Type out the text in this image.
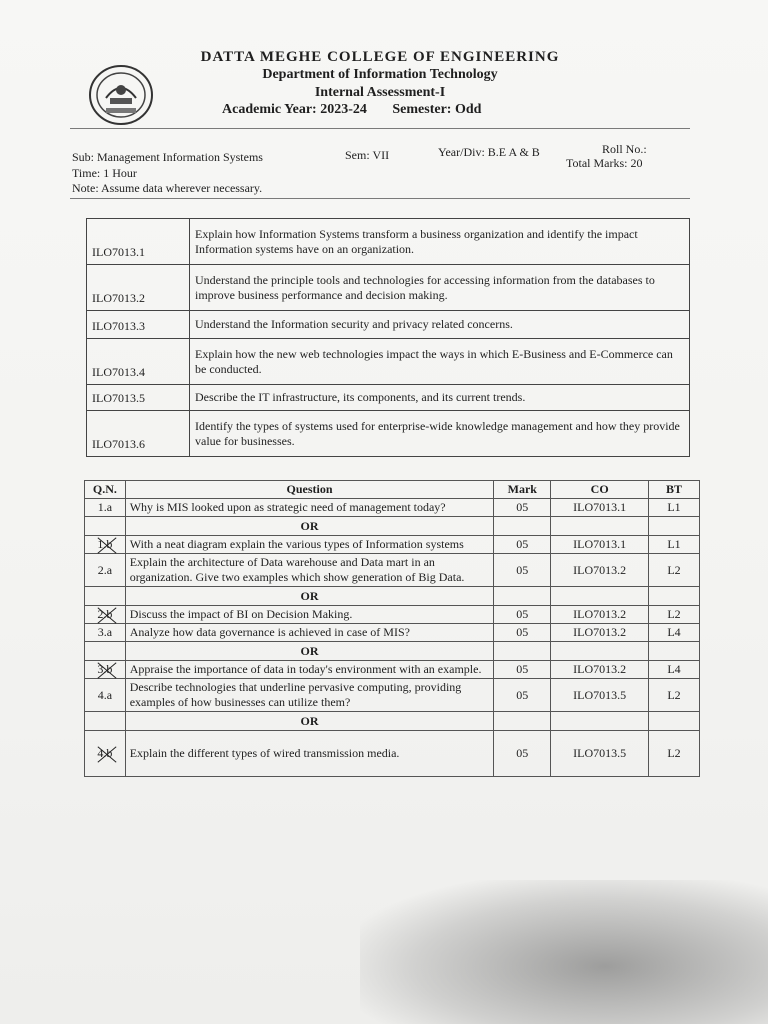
DATTA MEGHE COLLEGE OF ENGINEERING
Department of Information Technology
Internal Assessment-I
Academic Year: 2023-24 Semester: Odd
Sub: Management Information Systems	Sem: VII	Year/Div: B.E A & B	Roll No.:
Total Marks: 20
Time: 1 Hour
Note: Assume data wherever necessary.
ILO7013.1	Explain how Information Systems transform a business organization and identify the impact Information systems have on an organization.
ILO7013.2	Understand the principle tools and technologies for accessing information from the databases to improve business performance and decision making.
ILO7013.3	Understand the Information security and privacy related concerns.
ILO7013.4	Explain how the new web technologies impact the ways in which E-Business and E-Commerce can be conducted.
ILO7013.5	Describe the IT infrastructure, its components, and its current trends.
ILO7013.6	Identify the types of systems used for enterprise-wide knowledge management and how they provide value for businesses.
Q.N.	Question	Mark	CO	BT
1.a	Why is MIS looked upon as strategic need of management today?	05	ILO7013.1	L1
	OR			
1.b	With a neat diagram explain the various types of Information systems	05	ILO7013.1	L1
2.a	Explain the architecture of Data warehouse and Data mart in an organization. Give two examples which show generation of Big Data.	05	ILO7013.2	L2
	OR			
2.b	Discuss the impact of BI on Decision Making.	05	ILO7013.2	L2
3.a	Analyze how data governance is achieved in case of MIS?	05	ILO7013.2	L4
	OR			
3.b	Appraise the importance of data in today's environment with an example.	05	ILO7013.2	L4
4.a	Describe technologies that underline pervasive computing, providing examples of how businesses can utilize them?	05	ILO7013.5	L2
	OR			
4.b	Explain the different types of wired transmission media.	05	ILO7013.5	L2
